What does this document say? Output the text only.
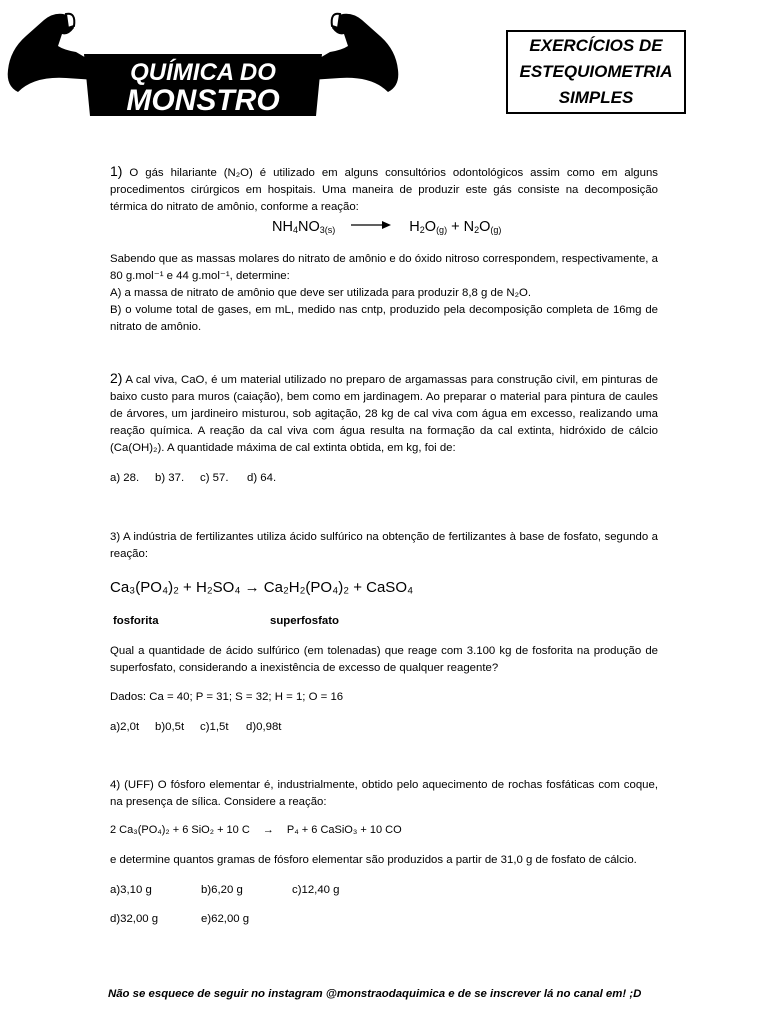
QUÍMICA DO
MONSTRO
EXERCÍCIOS DE
ESTEQUIOMETRIA
SIMPLES
1) O gás hilariante (N₂O) é utilizado em alguns consultórios odontológicos assim como em alguns procedimentos cirúrgicos em hospitais. Uma maneira de produzir este gás consiste na decomposição térmica do nitrato de amônio, conforme a reação:
$NH_4NO_{3(s)} \to H_2O_{(g)} + N_2O_{(g)}$
Sabendo que as massas molares do nitrato de amônio e do óxido nitroso correspondem, respectivamente, a 80 g.mol⁻¹ e 44 g.mol⁻¹, determine:
A) a massa de nitrato de amônio que deve ser utilizada para produzir 8,8 g de N₂O.
B) o volume total de gases, em mL, medido nas cntp, produzido pela decomposição completa de 16mg de nitrato de amônio.
2) A cal viva, CaO, é um material utilizado no preparo de argamassas para construção civil, em pinturas de baixo custo para muros (caiação), bem como em jardinagem. Ao preparar o material para pintura de caules de árvores, um jardineiro misturou, sob agitação, 28 kg de cal viva com água em excesso, realizando uma reação química. A reação da cal viva com água resulta na formação da cal extinta, hidróxido de cálcio (Ca(OH)₂). A quantidade máxima de cal extinta obtida, em kg, foi de:
a) 28. b) 37. c) 57. d) 64.
3) A indústria de fertilizantes utiliza ácido sulfúrico na obtenção de fertilizantes à base de fosfato, segundo a reação:
Ca₃(PO₄)₂ + H₂SO₄ → Ca₂H₂(PO₄)₂ + CaSO₄
fosforita	superfosfato
Qual a quantidade de ácido sulfúrico (em tolenadas) que reage com 3.100 kg de fosforita na produção de superfosfato, considerando a inexistência de excesso de qualquer reagente?
Dados: Ca = 40; P = 31; S = 32; H = 1; O = 16
a)2,0t b)0,5t c)1,5t d)0,98t
4) (UFF) O fósforo elementar é, industrialmente, obtido pelo aquecimento de rochas fosfáticas com coque, na presença de sílica. Considere a reação:
2 Ca₃(PO₄)₂ + 6 SiO₂ + 10 C → P₄ + 6 CaSiO₃ + 10 CO
e determine quantos gramas de fósforo elementar são produzidos a partir de 31,0 g de fosfato de cálcio.
a)3,10 g	b)6,20 g	c)12,40 g
d)32,00 g	e)62,00 g
Não se esquece de seguir no instagram @monstraodaquimica e de se inscrever lá no canal em! ;D
